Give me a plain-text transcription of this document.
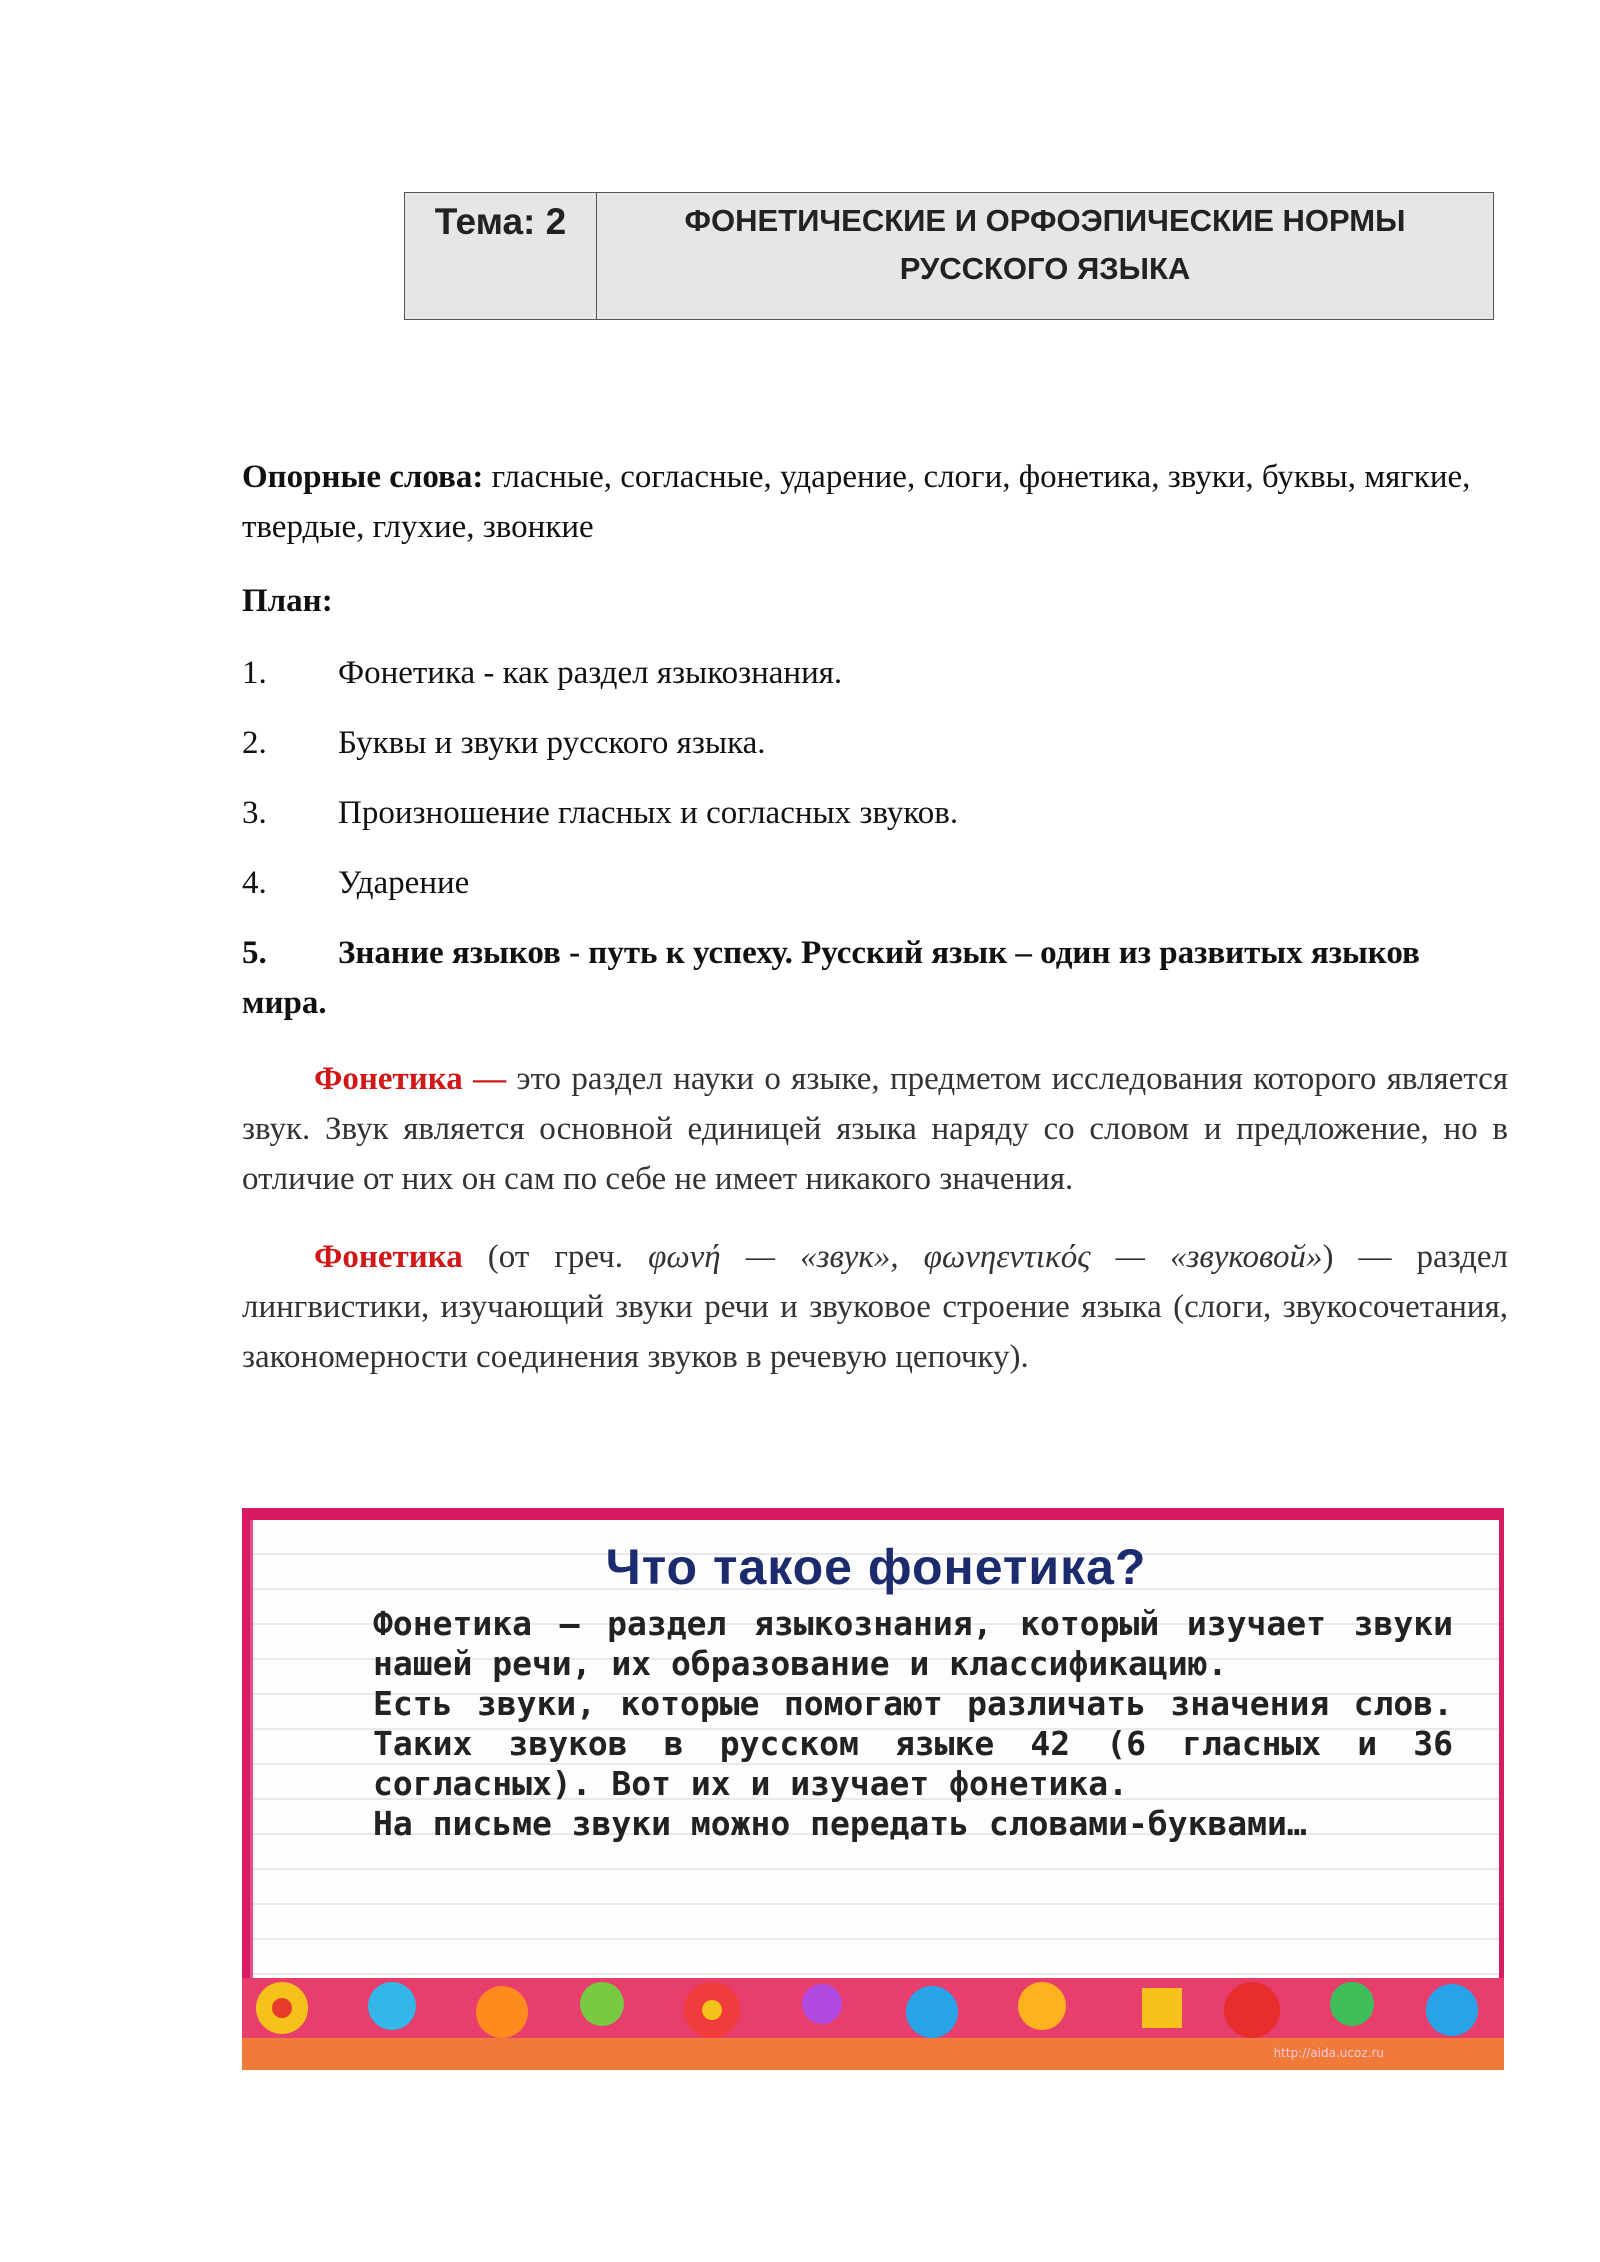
Тема: 2	ФОНЕТИЧЕСКИЕ И ОРФОЭПИЧЕСКИЕ НОРМЫ
РУССКОГО ЯЗЫКА

Опорные слова: гласные, согласные, ударение, слоги, фонетика, звуки, буквы, мягкие, твердые, глухие, звонкие

План:

1.	Фонетика - как раздел языкознания.
2.	Буквы и звуки русского языка.
3.	Произношение гласных и согласных звуков.
4.	Ударение
5. Знание языков - путь к успеху. Русский язык – один из развитых языков мира.

Фонетика — это раздел науки о языке, предметом исследования которого является звук. Звук является основной единицей языка наряду со словом и предложение, но в отличие от них он сам по себе не имеет никакого значения.

Фонетика (от греч. φωνή — «звук», φωνηεντικός — «звуковой») — раздел лингвистики, изучающий звуки речи и звуковое строение языка (слоги, звукосочетания, закономерности соединения звуков в речевую цепочку).

Что такое фонетика?
Фонетика – раздел языкознания, который изучает звуки нашей речи, их образование и классификацию.
Есть звуки, которые помогают различать значения слов. Таких звуков в русском языке 42 (6 гласных и 36 согласных). Вот их и изучает фонетика.
На письме звуки можно передать словами-буквами…
http://aida.ucoz.ru
